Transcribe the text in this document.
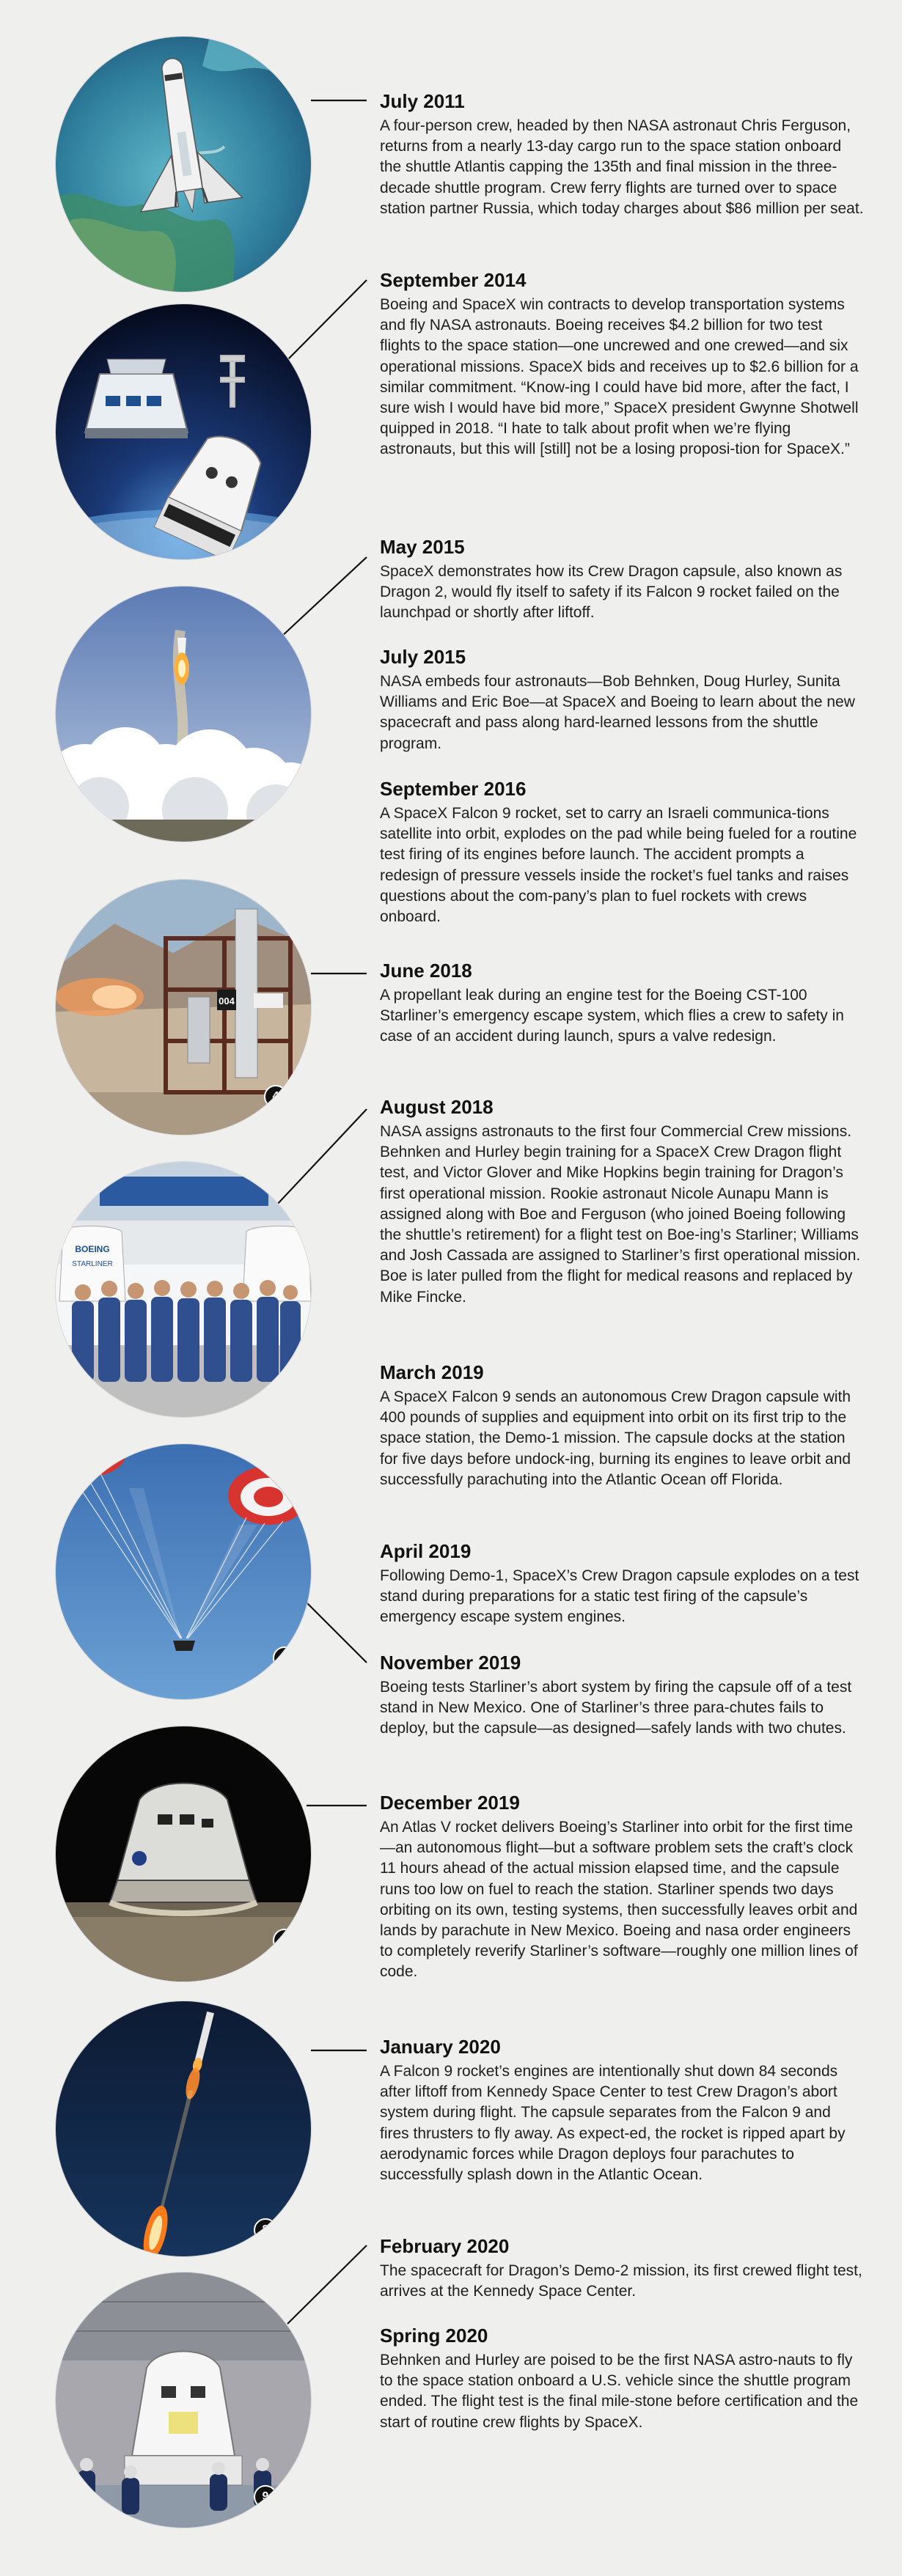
1
2
3
004
4
BOEING
STARLINER
5
6
7
8
9
July 2011

A four-person crew, headed by then NASA astronaut Chris Ferguson, returns from a nearly 13-day cargo run to the space station onboard the shuttle Atlantis capping the 135th and final mission in the three-decade shuttle program. Crew ferry flights are turned over to space station partner Russia, which today charges about $86 million per seat.

September 2014

Boeing and SpaceX win contracts to develop transportation systems and fly NASA astronauts. Boeing receives $4.2 billion for two test flights to the space station—one uncrewed and one crewed—and six operational missions. SpaceX bids and receives up to $2.6 billion for a similar commitment. “Know-ing I could have bid more, after the fact, I sure wish I would have bid more,” SpaceX president Gwynne Shotwell quipped in 2018. “I hate to talk about profit when we’re flying astronauts, but this will [still] not be a losing proposi-tion for SpaceX.”

May 2015

SpaceX demonstrates how its Crew Dragon capsule, also known as Dragon 2, would fly itself to safety if its Falcon 9 rocket failed on the launchpad or shortly after liftoff.

July 2015

NASA embeds four astronauts—Bob Behnken, Doug Hurley, Sunita Williams and Eric Boe—at SpaceX and Boeing to learn about the new spacecraft and pass along hard-learned lessons from the shuttle program.

September 2016

A SpaceX Falcon 9 rocket, set to carry an Israeli communica-tions satellite into orbit, explodes on the pad while being fueled for a routine test firing of its engines before launch. The accident prompts a redesign of pressure vessels inside the rocket’s fuel tanks and raises questions about the com-pany’s plan to fuel rockets with crews onboard.

June 2018

A propellant leak during an engine test for the Boeing CST-100 Starliner’s emergency escape system, which flies a crew to safety in case of an accident during launch, spurs a valve redesign.

August 2018

NASA assigns astronauts to the first four Commercial Crew missions. Behnken and Hurley begin training for a SpaceX Crew Dragon flight test, and Victor Glover and Mike Hopkins begin training for Dragon’s first operational mission. Rookie astronaut Nicole Aunapu Mann is assigned along with Boe and Ferguson (who joined Boeing following the shuttle’s retirement) for a flight test on Boe-ing’s Starliner; Williams and Josh Cassada are assigned to Starliner’s first operational mission. Boe is later pulled from the flight for medical reasons and replaced by Mike Fincke.

March 2019

A SpaceX Falcon 9 sends an autonomous Crew Dragon capsule with 400 pounds of supplies and equipment into orbit on its first trip to the space station, the Demo-1 mission. The capsule docks at the station for five days before undock-ing, burning its engines to leave orbit and successfully parachuting into the Atlantic Ocean off Florida.

April 2019

Following Demo-1, SpaceX’s Crew Dragon capsule explodes on a test stand during preparations for a static test firing of the capsule’s emergency escape system engines.

November 2019

Boeing tests Starliner’s abort system by firing the capsule off of a test stand in New Mexico. One of Starliner’s three para-chutes fails to deploy, but the capsule—as designed—safely lands with two chutes.

December 2019

An Atlas V rocket delivers Boeing’s Starliner into orbit for the first time—an autonomous flight—but a software problem sets the craft’s clock 11 hours ahead of the actual mission elapsed time, and the capsule runs too low on fuel to reach the station. Starliner spends two days orbiting on its own, testing systems, then successfully leaves orbit and lands by parachute in New Mexico. Boeing and nasa order engineers to completely reverify Starliner’s software—roughly one million lines of code.

January 2020

A Falcon 9 rocket’s engines are intentionally shut down 84 seconds after liftoff from Kennedy Space Center to test Crew Dragon’s abort system during flight. The capsule separates from the Falcon 9 and fires thrusters to fly away. As expect-ed, the rocket is ripped apart by aerodynamic forces while Dragon deploys four parachutes to successfully splash down in the Atlantic Ocean.

February 2020

The spacecraft for Dragon’s Demo-2 mission, its first crewed flight test, arrives at the Kennedy Space Center.

Spring 2020

Behnken and Hurley are poised to be the first NASA astro-nauts to fly to the space station onboard a U.S. vehicle since the shuttle program ended. The flight test is the final mile-stone before certification and the start of routine crew flights by SpaceX.
